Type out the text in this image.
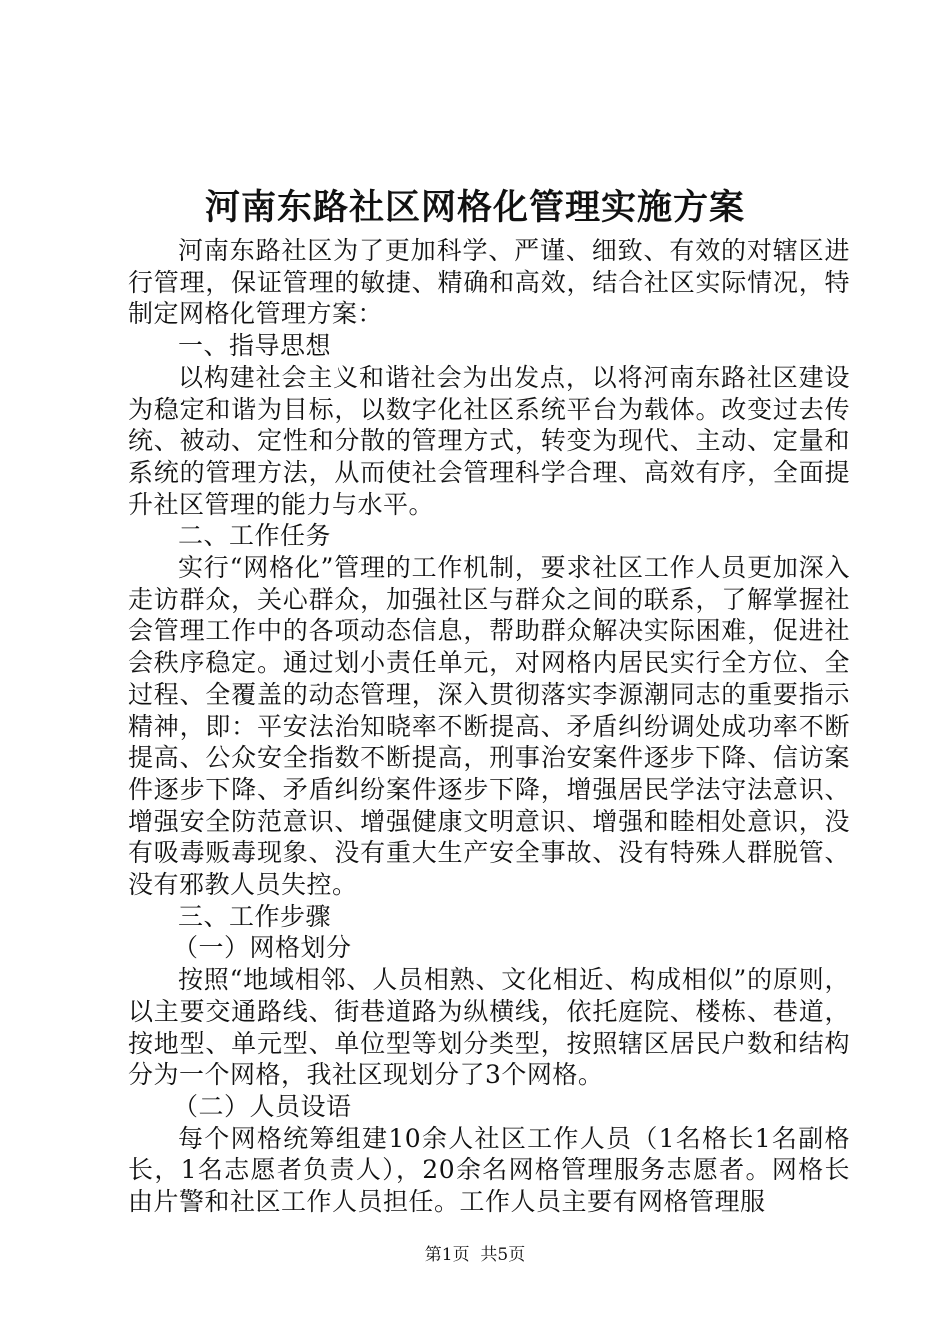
河南东路社区网格化管理实施方案

河南东路社区为了更加科学、严谨、细致、有效的对辖区进行管理，保证管理的敏捷、精确和高效，结合社区实际情况，特制定网格化管理方案：

一、指导思想

以构建社会主义和谐社会为出发点，以将河南东路社区建设为稳定和谐为目标，以数字化社区系统平台为载体。改变过去传统、被动、定性和分散的管理方式，转变为现代、主动、定量和系统的管理方法，从而使社会管理科学合理、高效有序，全面提升社区管理的能力与水平。

二、工作任务

实行“网格化”管理的工作机制，要求社区工作人员更加深入走访群众，关心群众，加强社区与群众之间的联系，了解掌握社会管理工作中的各项动态信息，帮助群众解决实际困难，促进社会秩序稳定。通过划小责任单元，对网格内居民实行全方位、全过程、全覆盖的动态管理，深入贯彻落实李源潮同志的重要指示精神，即：平安法治知晓率不断提高、矛盾纠纷调处成功率不断提高、公众安全指数不断提高，刑事治安案件逐步下降、信访案件逐步下降、矛盾纠纷案件逐步下降，增强居民学法守法意识、增强安全防范意识、增强健康文明意识、增强和睦相处意识，没有吸毒贩毒现象、没有重大生产安全事故、没有特殊人群脱管、没有邪教人员失控。

三、工作步骤

（一）网格划分

按照“地域相邻、人员相熟、文化相近、构成相似”的原则，以主要交通路线、街巷道路为纵横线，依托庭院、楼栋、巷道，按地型、单元型、单位型等划分类型，按照辖区居民户数和结构分为一个网格，我社区现划分了3个网格。

（二）人员设语

每个网格统筹组建10余人社区工作人员（1名格长1名副格长，1名志愿者负责人），20余名网格管理服务志愿者。网格长由片警和社区工作人员担任。工作人员主要有网格管理服

第1页 共5页
